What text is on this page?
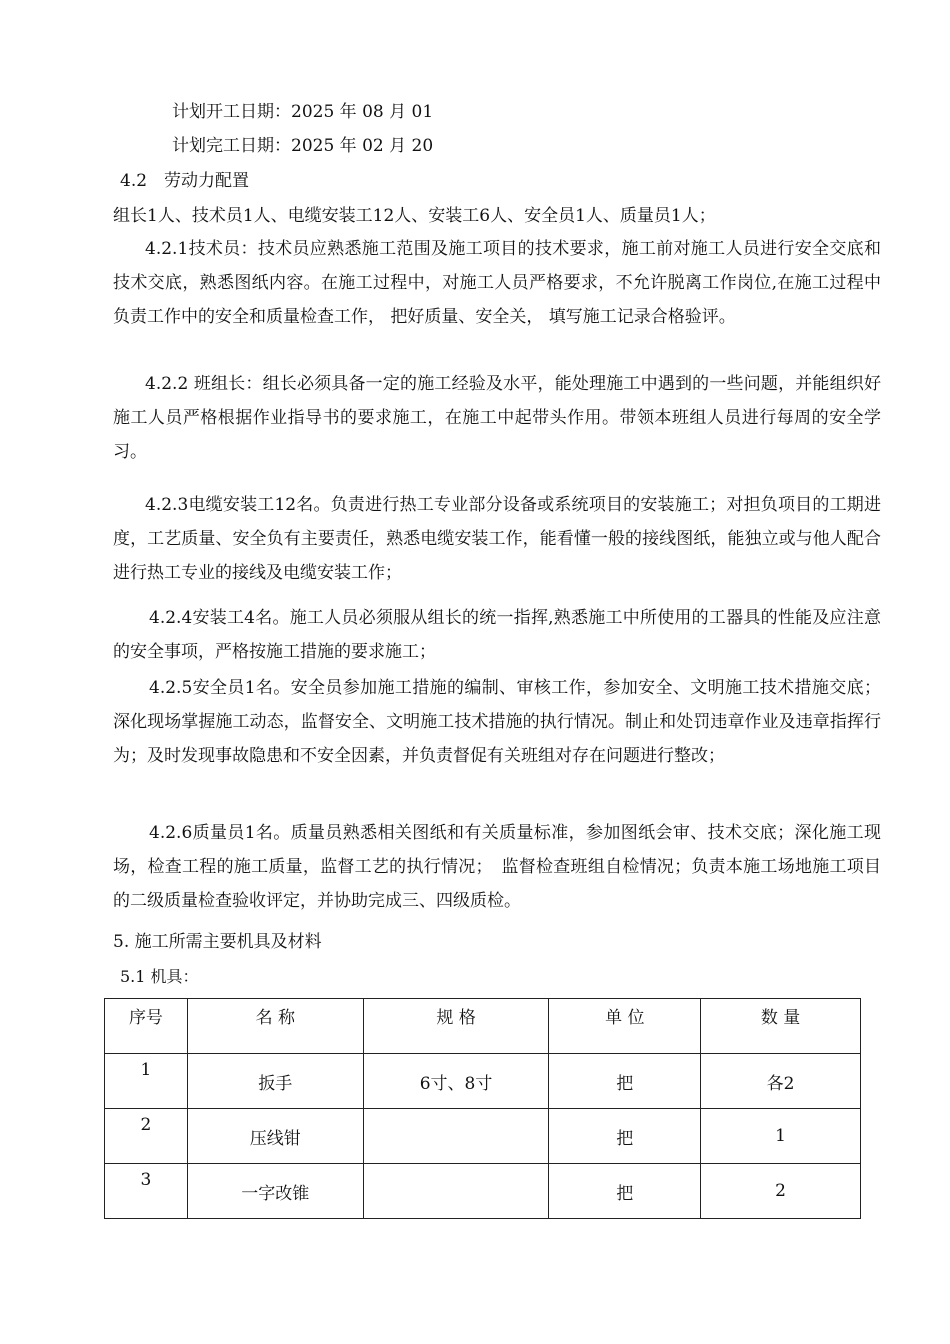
计划开工日期：2025 年 08 月 01
计划完工日期：2025 年 02 月 20
4.2　劳动力配置
组长1人、技术员1人、电缆安装工12人、安装工6人、安全员1人、质量员1人；

4.2.1技术员：技术员应熟悉施工范围及施工项目的技术要求，施工前对施工人员进行安全交底和技术交底，熟悉图纸内容。在施工过程中，对施工人员严格要求，不允许脱离工作岗位,在施工过程中负责工作中的安全和质量检查工作， 把好质量、安全关， 填写施工记录合格验评。

4.2.2 班组长：组长必须具备一定的施工经验及水平，能处理施工中遇到的一些问题，并能组织好施工人员严格根据作业指导书的要求施工，在施工中起带头作用。带领本班组人员进行每周的安全学习。

4.2.3电缆安装工12名。负责进行热工专业部分设备或系统项目的安装施工；对担负项目的工期进度，工艺质量、安全负有主要责任，熟悉电缆安装工作，能看懂一般的接线图纸，能独立或与他人配合进行热工专业的接线及电缆安装工作；

4.2.4安装工4名。施工人员必须服从组长的统一指挥,熟悉施工中所使用的工器具的性能及应注意的安全事项，严格按施工措施的要求施工；

4.2.5安全员1名。安全员参加施工措施的编制、审核工作，参加安全、文明施工技术措施交底；深化现场掌握施工动态，监督安全、文明施工技术措施的执行情况。制止和处罚违章作业及违章指挥行为；及时发现事故隐患和不安全因素，并负责督促有关班组对存在问题进行整改；

4.2.6质量员1名。质量员熟悉相关图纸和有关质量标准，参加图纸会审、技术交底；深化施工现场，检查工程的施工质量，监督工艺的执行情况；　监督检查班组自检情况；负责本施工场地施工项目的二级质量检查验收评定，并协助完成三、四级质检。

5. 施工所需主要机具及材料
5.1 机具：
序号	名 称	规 格	单 位	数 量
1	扳手	6寸、8寸	把	各2
2	压线钳		把	1
3	一字改锥		把	2
